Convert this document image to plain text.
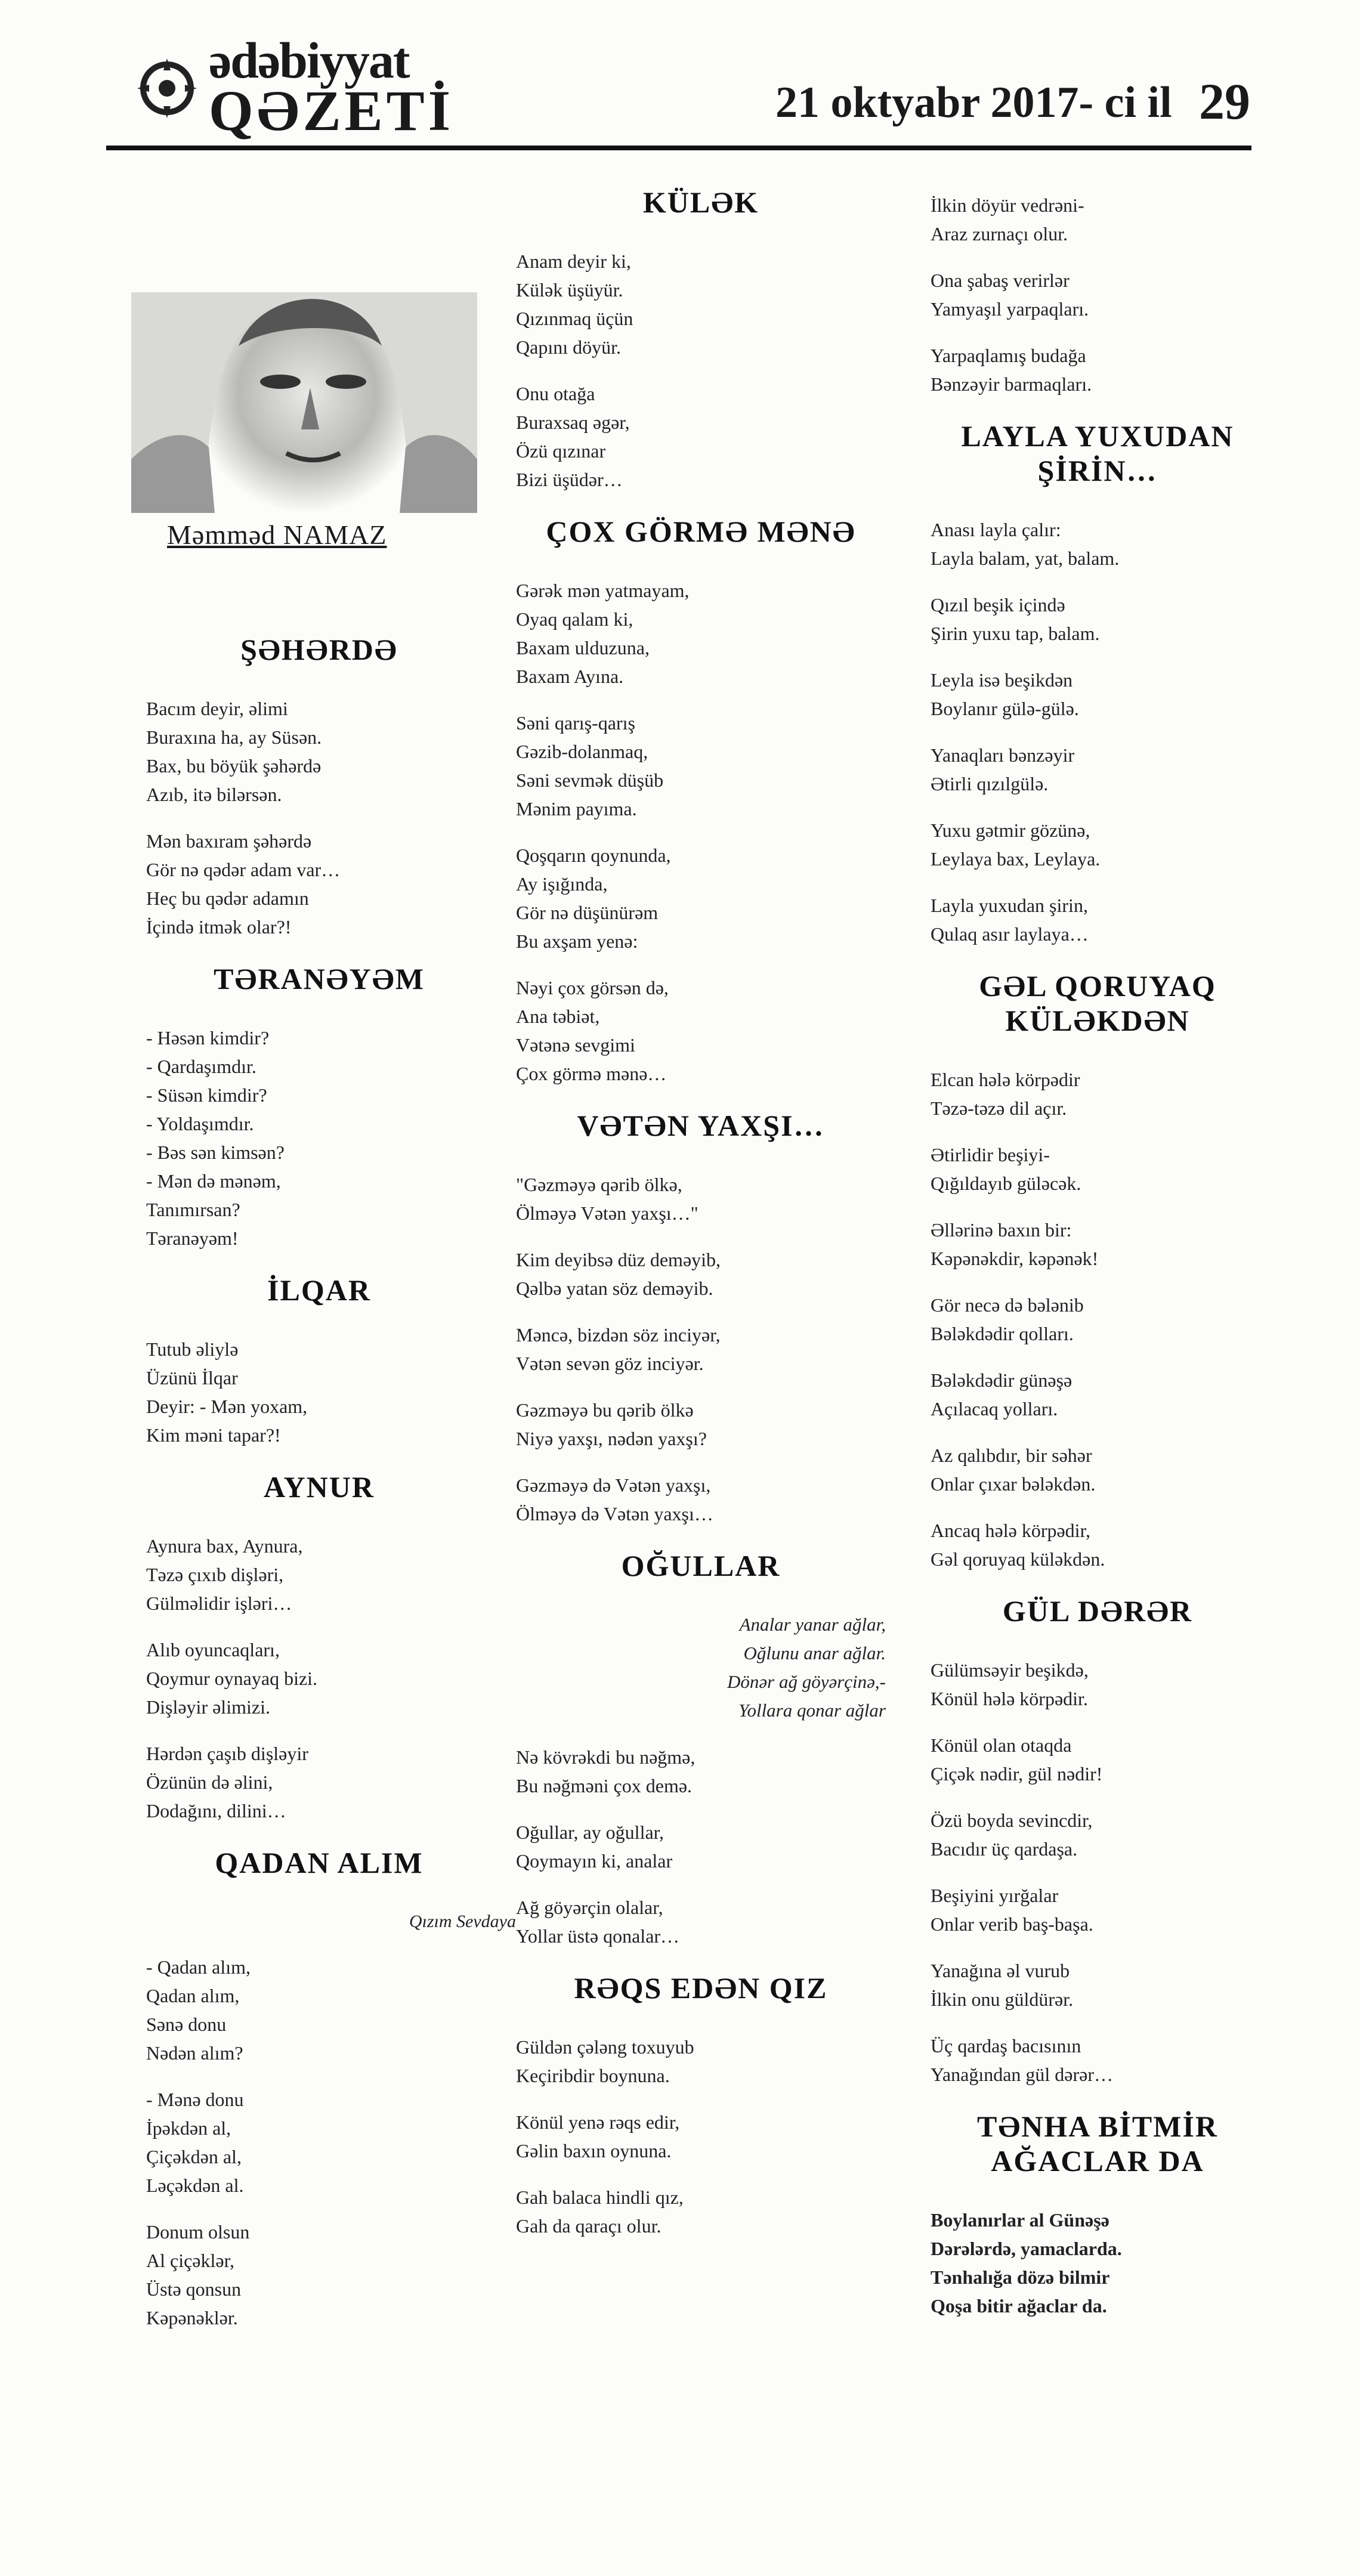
ədəbiyyat
QƏZETİ	21 oktyabr 2017- ci il 29
Məmməd NAMAZ
ŞƏHƏRDƏ
Bacım deyir, əlimi
Buraxına ha, ay Süsən.
Bax, bu böyük şəhərdə
Azıb, itə bilərsən.
Mən baxıram şəhərdə
Gör nə qədər adam var…
Heç bu qədər adamın
İçində itmək olar?!
TƏRANƏYƏM
- Həsən kimdir?
- Qardaşımdır.
- Süsən kimdir?
- Yoldaşımdır.
- Bəs sən kimsən?
- Mən də mənəm,
Tanımırsan?
Təranəyəm!
İLQAR
Tutub əliylə
Üzünü İlqar
Deyir: - Mən yoxam,
Kim məni tapar?!
AYNUR
Aynura bax, Aynura,
Təzə çıxıb dişləri,
Gülməlidir işləri…
Alıb oyuncaqları,
Qoymur oynayaq bizi.
Dişləyir əlimizi.
Hərdən çaşıb dişləyir
Özünün də əlini,
Dodağını, dilini…
QADAN ALIM
Qızım Sevdaya
- Qadan alım,
Qadan alım,
Sənə donu
Nədən alım?
- Mənə donu
İpəkdən al,
Çiçəkdən al,
Ləçəkdən al.
Donum olsun
Al çiçəklər,
Üstə qonsun
Kəpənəklər.
KÜLƏK
Anam deyir ki,
Külək üşüyür.
Qızınmaq üçün
Qapını döyür.
Onu otağa
Buraxsaq əgər,
Özü qızınar
Bizi üşüdər…
ÇOX GÖRMƏ MƏNƏ
Gərək mən yatmayam,
Oyaq qalam ki,
Baxam ulduzuna,
Baxam Ayına.
Səni qarış-qarış
Gəzib-dolanmaq,
Səni sevmək düşüb
Mənim payıma.
Qoşqarın qoynunda,
Ay işığında,
Gör nə düşünürəm
Bu axşam yenə:
Nəyi çox görsən də,
Ana təbiət,
Vətənə sevgimi
Çox görmə mənə…
VƏTƏN YAXŞI…
"Gəzməyə qərib ölkə,
Ölməyə Vətən yaxşı…"
Kim deyibsə düz deməyib,
Qəlbə yatan söz deməyib.
Məncə, bizdən söz inciyər,
Vətən sevən göz inciyər.
Gəzməyə bu qərib ölkə
Niyə yaxşı, nədən yaxşı?
Gəzməyə də Vətən yaxşı,
Ölməyə də Vətən yaxşı…
OĞULLAR
Analar yanar ağlar,
Oğlunu anar ağlar.
Dönər ağ göyərçinə,-
Yollara qonar ağlar
Nə kövrəkdi bu nəğmə,
Bu nəğməni çox demə.
Oğullar, ay oğullar,
Qoymayın ki, analar
Ağ göyərçin olalar,
Yollar üstə qonalar…
RƏQS EDƏN QIZ
Güldən çələng toxuyub
Keçiribdir boynuna.
Könül yenə rəqs edir,
Gəlin baxın oynuna.
Gah balaca hindli qız,
Gah da qaraçı olur.
İlkin döyür vedrəni-
Araz zurnaçı olur.
Ona şabaş verirlər
Yamyaşıl yarpaqları.
Yarpaqlamış budağa
Bənzəyir barmaqları.
LAYLA YUXUDAN ŞİRİN…
Anası layla çalır:
Layla balam, yat, balam.
Qızıl beşik içində
Şirin yuxu tap, balam.
Leyla isə beşikdən
Boylanır gülə-gülə.
Yanaqları bənzəyir
Ətirli qızılgülə.
Yuxu gətmir gözünə,
Leylaya bax, Leylaya.
Layla yuxudan şirin,
Qulaq asır laylaya…
GƏL QORUYAQ KÜLƏKDƏN
Elcan hələ körpədir
Təzə-təzə dil açır.
Ətirlidir beşiyi-
Qığıldayıb güləcək.
Əllərinə baxın bir:
Kəpənəkdir, kəpənək!
Gör necə də bələnib
Bələkdədir qolları.
Bələkdədir günəşə
Açılacaq yolları.
Az qalıbdır, bir səhər
Onlar çıxar bələkdən.
Ancaq hələ körpədir,
Gəl qoruyaq küləkdən.
GÜL DƏRƏR
Gülümsəyir beşikdə,
Könül hələ körpədir.
Könül olan otaqda
Çiçək nədir, gül nədir!
Özü boyda sevincdir,
Bacıdır üç qardaşa.
Beşiyini yırğalar
Onlar verib baş-başa.
Yanağına əl vurub
İlkin onu güldürər.
Üç qardaş bacısının
Yanağından gül dərər…
TƏNHA BİTMİR AĞACLAR DA
Boylanırlar al Günəşə
Dərələrdə, yamaclarda.
Tənhalığa dözə bilmir
Qoşa bitir ağaclar da.
